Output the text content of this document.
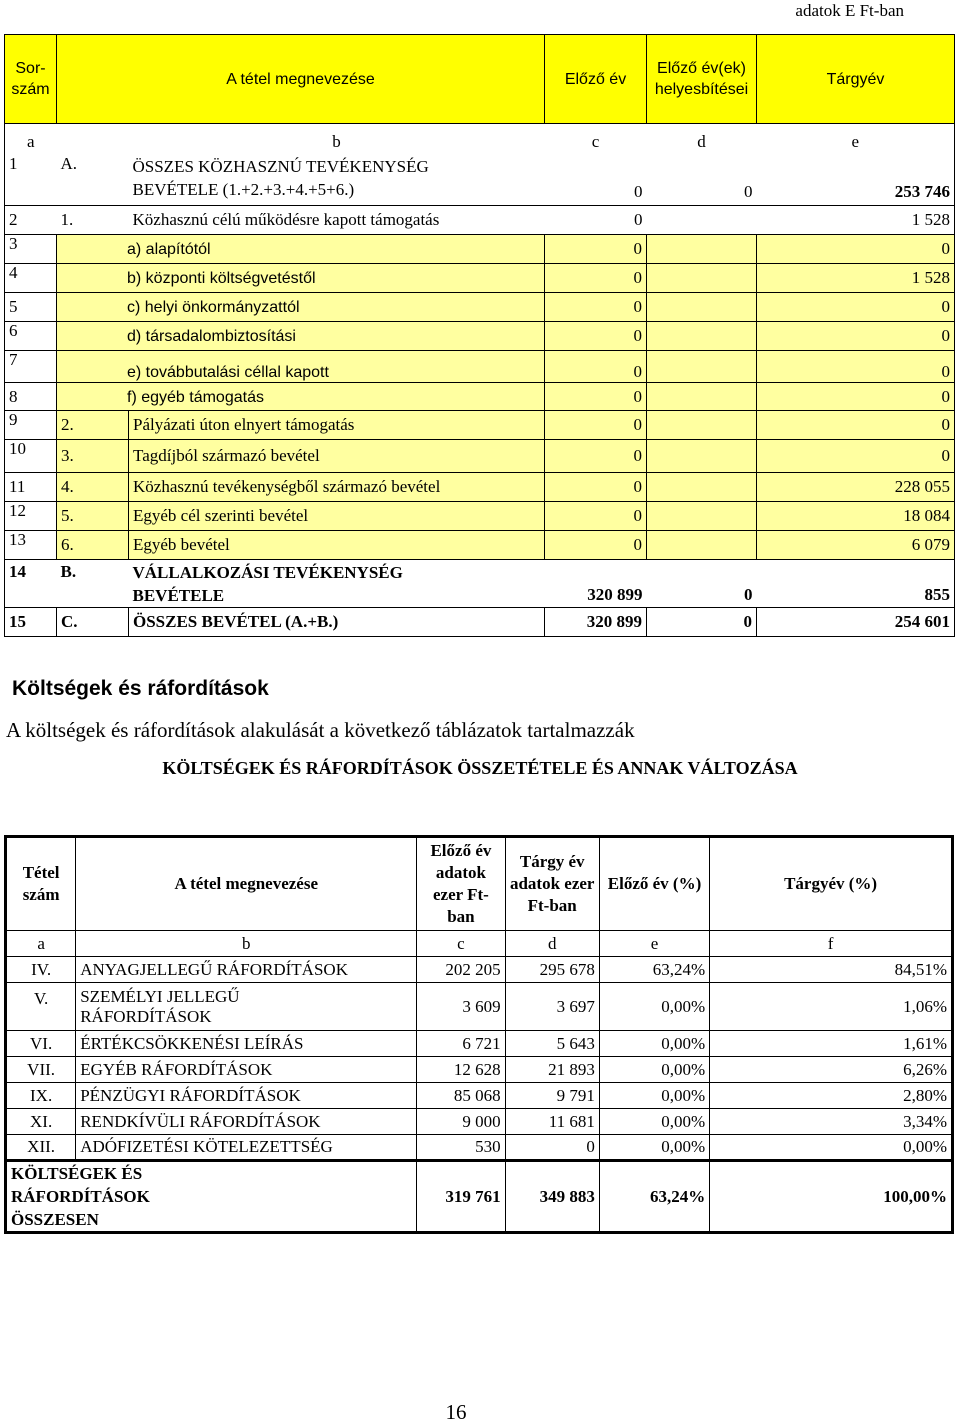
adatok E Ft-ban
Sor-szám	A tétel megnevezése		Előző év	Előző év(ek) helyesbítései	Tárgyév
a		b	c	d	e
1	A.	ÖSSZES KÖZHASZNÚ TEVÉKENYSÉG
BEVÉTELE (1.+2.+3.+4.+5+6.)	0	0	253 746
2	1.	Közhasznú célú működésre kapott támogatás	0		1 528
3	a) alapítótól		0		0
4	b) központi költségvetéstől		0		1 528
5	c) helyi önkormányzattól		0		0
6	d) társadalombiztosítási		0		0
7	e) továbbutalási céllal kapott		0		0
8	f) egyéb támogatás		0		0
9	2.	Pályázati úton elnyert támogatás	0		0
10	3.	Tagdíjból származó bevétel	0		0
11	4.	Közhasznú tevékenységből származó bevétel	0		228 055
12	5.	Egyéb cél szerinti bevétel	0		18 084
13	6.	Egyéb bevétel	0		6 079
14	B.	VÁLLALKOZÁSI TEVÉKENYSÉG
BEVÉTELE	320 899	0	855
15	C.	ÖSSZES BEVÉTEL (A.+B.)	320 899	0	254 601
Költségek és ráfordítások
A költségek és ráfordítások alakulását a következő táblázatok tartalmazzák
KÖLTSÉGEK ÉS RÁFORDÍTÁSOK ÖSSZETÉTELE ÉS ANNAK VÁLTOZÁSA
Tétel szám	A tétel megnevezése	Előző év adatok ezer Ft-ban	Tárgy év adatok ezer Ft-ban	Előző év (%)	Tárgyév (%)
a	b	c	d	e	f
IV.	ANYAGJELLEGŰ RÁFORDÍTÁSOK	202 205	295 678	63,24%	84,51%
V.	SZEMÉLYI JELLEGŰ RÁFORDÍTÁSOK	3 609	3 697	0,00%	1,06%
VI.	ÉRTÉKCSÖKKENÉSI LEÍRÁS	6 721	5 643	0,00%	1,61%
VII.	EGYÉB RÁFORDÍTÁSOK	12 628	21 893	0,00%	6,26%
IX.	PÉNZÜGYI RÁFORDÍTÁSOK	85 068	9 791	0,00%	2,80%
XI.	RENDKÍVÜLI RÁFORDÍTÁSOK	9 000	11 681	0,00%	3,34%
XII.	ADÓFIZETÉSI KÖTELEZETTSÉG	530	0	0,00%	0,00%
KÖLTSÉGEK ÉS RÁFORDÍTÁSOK ÖSSZESEN		319 761	349 883	63,24%	100,00%
16
